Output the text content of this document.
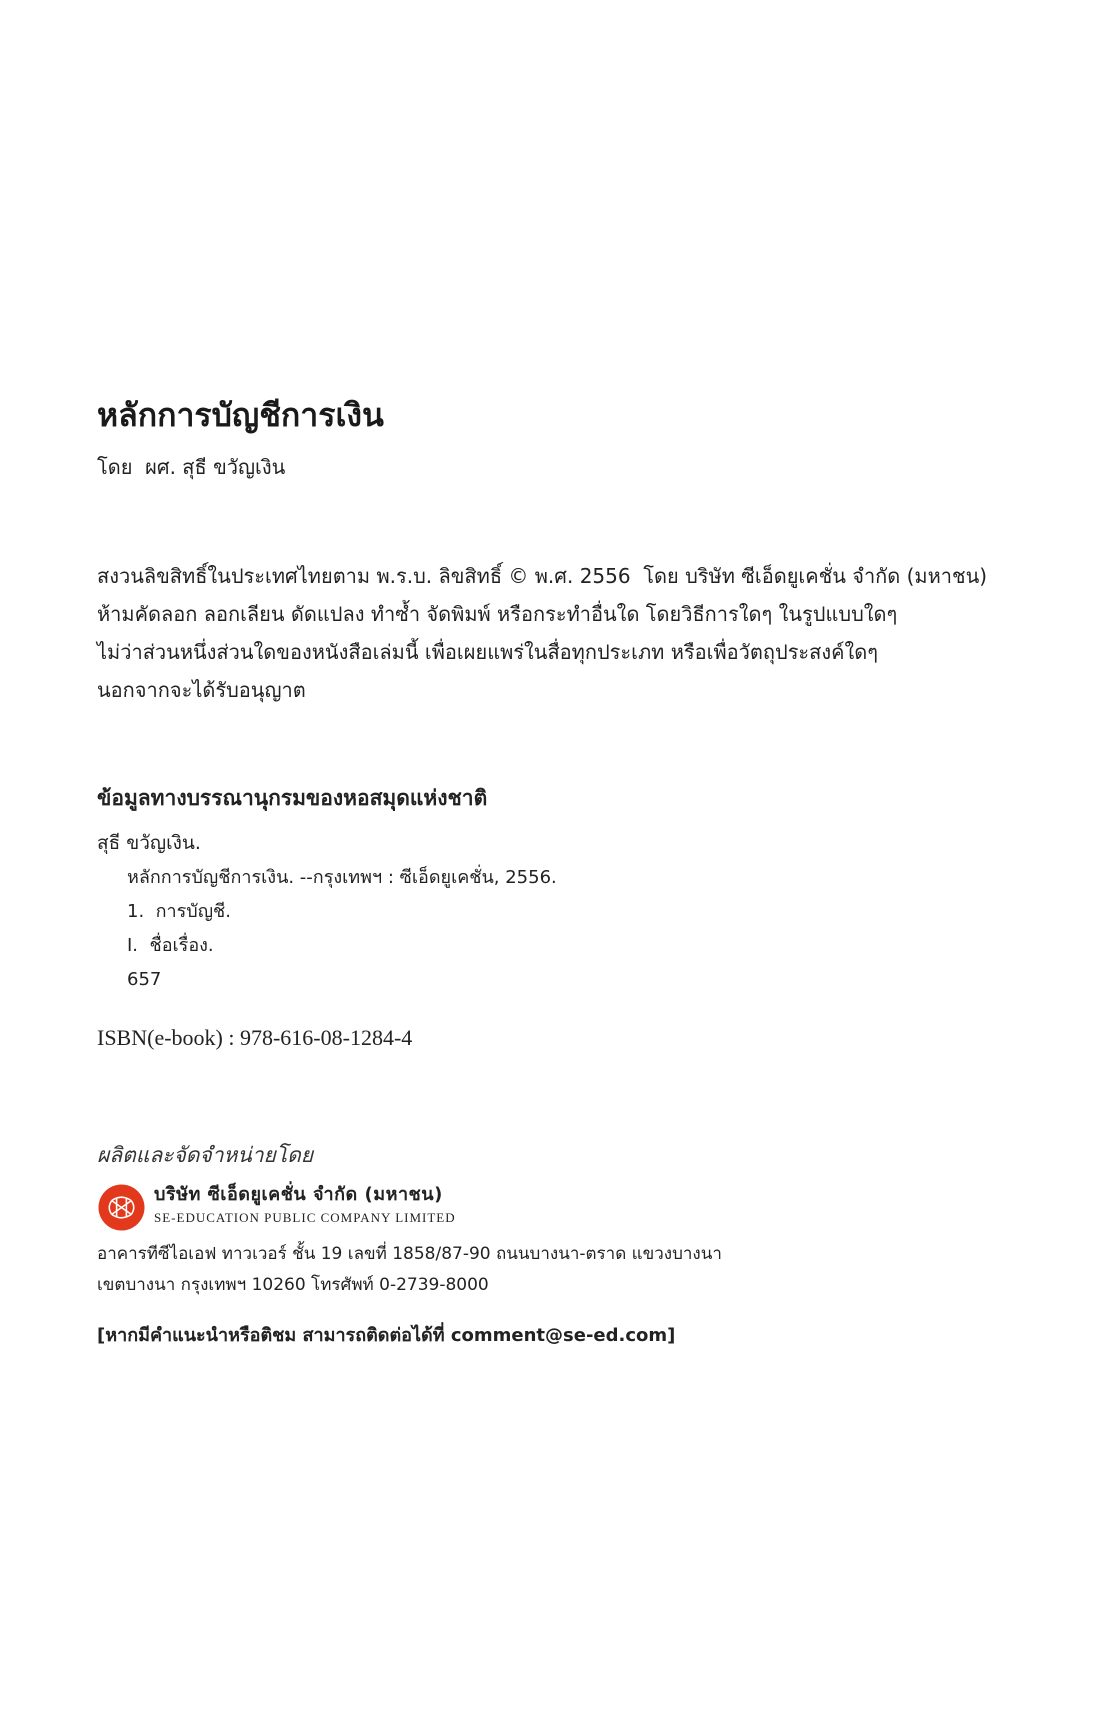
หลักการบัญชีการเงิน
โดย  ผศ. สุธี ขวัญเงิน
สงวนลิขสิทธิ์ในประเทศไทยตาม พ.ร.บ. ลิขสิทธิ์ © พ.ศ. 2556  โดย บริษัท ซีเอ็ดยูเคชั่น จำกัด (มหาชน)
ห้ามคัดลอก ลอกเลียน ดัดแปลง ทำซ้ำ จัดพิมพ์ หรือกระทำอื่นใด โดยวิธีการใดๆ ในรูปแบบใดๆ
ไม่ว่าส่วนหนึ่งส่วนใดของหนังสือเล่มนี้ เพื่อเผยแพร่ในสื่อทุกประเภท หรือเพื่อวัตถุประสงค์ใดๆ
นอกจากจะได้รับอนุญาต
ข้อมูลทางบรรณานุกรมของหอสมุดแห่งชาติ
สุธี ขวัญเงิน.
หลักการบัญชีการเงิน. --กรุงเทพฯ : ซีเอ็ดยูเคชั่น, 2556.
1.  การบัญชี.
I.  ชื่อเรื่อง.
657
ISBN(e-book) : 978-616-08-1284-4
ผลิตและจัดจำหน่ายโดย
บริษัท ซีเอ็ดยูเคชั่น จำกัด (มหาชน)
SE-EDUCATION PUBLIC COMPANY LIMITED
อาคารทีซีไอเอฟ ทาวเวอร์ ชั้น 19 เลขที่ 1858/87-90 ถนนบางนา-ตราด แขวงบางนา
เขตบางนา กรุงเทพฯ 10260 โทรศัพท์ 0-2739-8000
[หากมีคำแนะนำหรือติชม สามารถติดต่อได้ที่ comment@se-ed.com]
